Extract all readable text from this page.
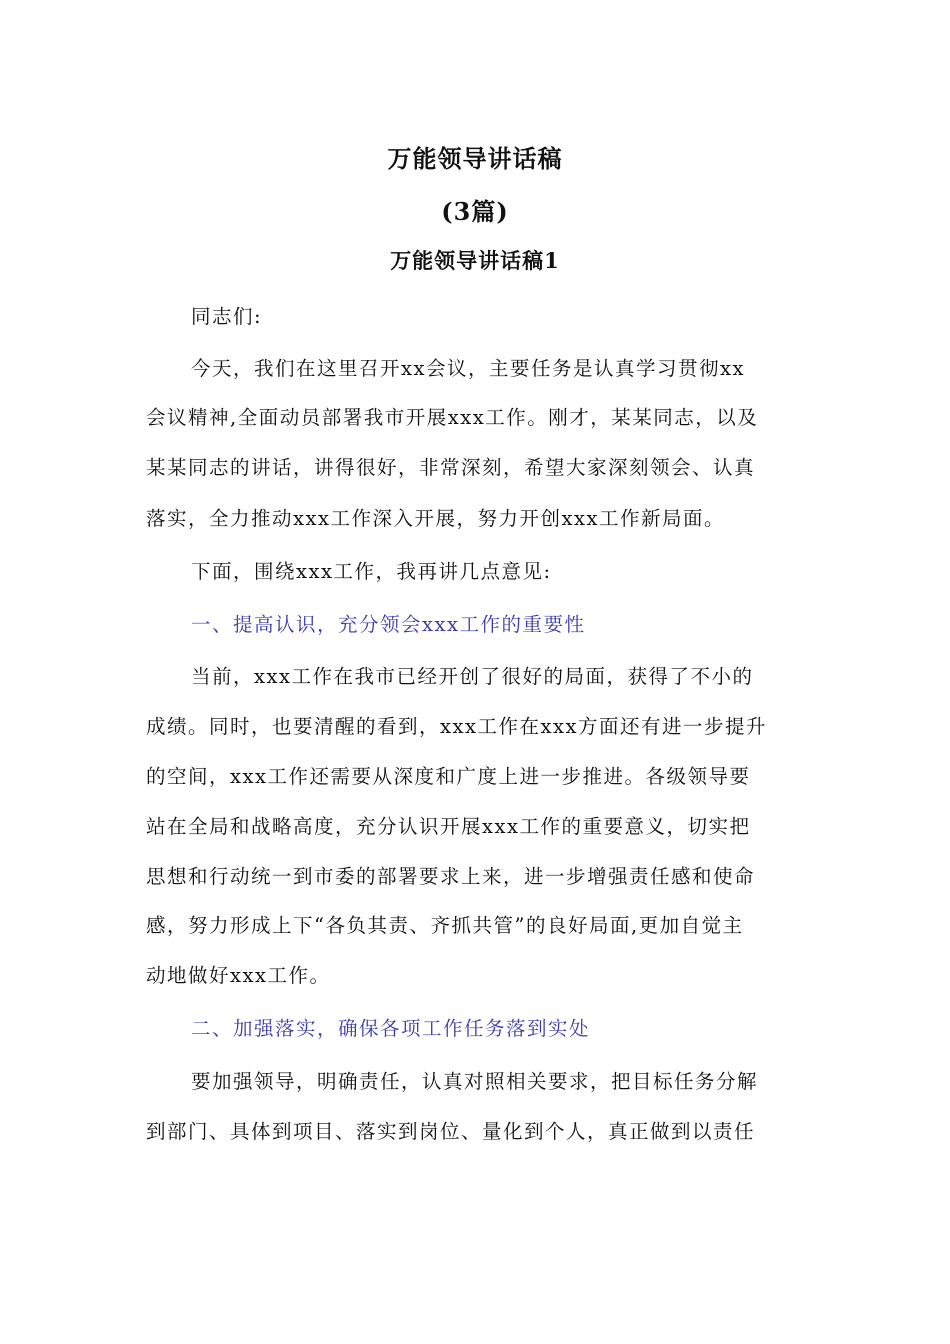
万能领导讲话稿
(3篇)
万能领导讲话稿1
同志们:
今天，我们在这里召开xx会议，主要任务是认真学习贯彻xx
会议精神,全面动员部署我市开展xxx工作。刚才，某某同志，以及
某某同志的讲话，讲得很好，非常深刻，希望大家深刻领会、认真
落实，全力推动xxx工作深入开展，努力开创xxx工作新局面。
下面，围绕xxx工作，我再讲几点意见:
一、提高认识，充分领会xxx工作的重要性
当前，xxx工作在我市已经开创了很好的局面，获得了不小的
成绩。同时，也要清醒的看到，xxx工作在xxx方面还有进一步提升
的空间，xxx工作还需要从深度和广度上进一步推进。各级领导要
站在全局和战略高度，充分认识开展xxx工作的重要意义，切实把
思想和行动统一到市委的部署要求上来，进一步增强责任感和使命
感，努力形成上下“各负其责、齐抓共管”的良好局面,更加自觉主
动地做好xxx工作。
二、加强落实，确保各项工作任务落到实处
要加强领导，明确责任，认真对照相关要求，把目标任务分解
到部门、具体到项目、落实到岗位、量化到个人，真正做到以责任
